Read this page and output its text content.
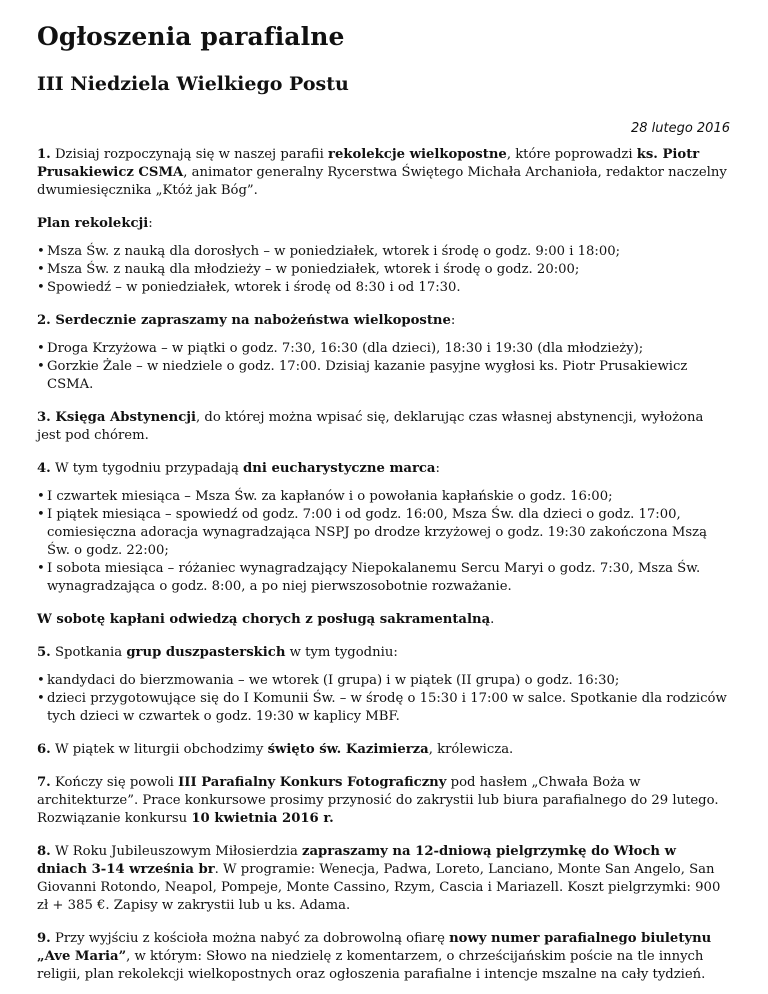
Ogłoszenia parafialne
III Niedziela Wielkiego Postu
28 lutego 2016

1. Dzisiaj rozpoczynają się w naszej parafii rekolekcje wielkopostne, które poprowadzi ks. Piotr Prusakiewicz CSMA, animator generalny Rycerstwa Świętego Michała Archanioła, redaktor naczelny dwumiesięcznika „Któż jak Bóg”.

Plan rekolekcji:

• Msza Św. z nauką dla dorosłych – w poniedziałek, wtorek i środę o godz. 9:00 i 18:00;
• Msza Św. z nauką dla młodzieży – w poniedziałek, wtorek i środę o godz. 20:00;
• Spowiedź – w poniedziałek, wtorek i środę od 8:30 i od 17:30.

2. Serdecznie zapraszamy na nabożeństwa wielkopostne:

• Droga Krzyżowa – w piątki o godz. 7:30, 16:30 (dla dzieci), 18:30 i 19:30 (dla młodzieży);
• Gorzkie Żale – w niedziele o godz. 17:00. Dzisiaj kazanie pasyjne wygłosi ks. Piotr Prusakiewicz CSMA.

3. Księga Abstynencji, do której można wpisać się, deklarując czas własnej abstynencji, wyłożona jest pod chórem.

4. W tym tygodniu przypadają dni eucharystyczne marca:

• I czwartek miesiąca – Msza Św. za kapłanów i o powołania kapłańskie o godz. 16:00;
• I piątek miesiąca – spowiedź od godz. 7:00 i od godz. 16:00, Msza Św. dla dzieci o godz. 17:00, comiesięczna adoracja wynagradzająca NSPJ po drodze krzyżowej o godz. 19:30 zakończona Mszą Św. o godz. 22:00;
• I sobota miesiąca – różaniec wynagradzający Niepokalanemu Sercu Maryi o godz. 7:30, Msza Św. wynagradzająca o godz. 8:00, a po niej pierwszosobotnie rozważanie.

W sobotę kapłani odwiedzą chorych z posługą sakramentalną.

5. Spotkania grup duszpasterskich w tym tygodniu:

• kandydaci do bierzmowania – we wtorek (I grupa) i w piątek (II grupa) o godz. 16:30;
• dzieci przygotowujące się do I Komunii Św. – w środę o 15:30 i 17:00 w salce. Spotkanie dla rodziców tych dzieci w czwartek o godz. 19:30 w kaplicy MBF.

6. W piątek w liturgii obchodzimy święto św. Kazimierza, królewicza.

7. Kończy się powoli III Parafialny Konkurs Fotograficzny pod hasłem „Chwała Boża w architekturze”. Prace konkursowe prosimy przynosić do zakrystii lub biura parafialnego do 29 lutego. Rozwiązanie konkursu 10 kwietnia 2016 r.

8. W Roku Jubileuszowym Miłosierdzia zapraszamy na 12-dniową pielgrzymkę do Włoch w dniach 3-14 września br. W programie: Wenecja, Padwa, Loreto, Lanciano, Monte San Angelo, San Giovanni Rotondo, Neapol, Pompeje, Monte Cassino, Rzym, Cascia i Mariazell. Koszt pielgrzymki: 900 zł + 385 €. Zapisy w zakrystii lub u ks. Adama.

9. Przy wyjściu z kościoła można nabyć za dobrowolną ofiarę nowy numer parafialnego biuletynu „Ave Maria”, w którym: Słowo na niedzielę z komentarzem, o chrześcijańskim poście na tle innych religii, plan rekolekcji wielkopostnych oraz ogłoszenia parafialne i intencje mszalne na cały tydzień.
